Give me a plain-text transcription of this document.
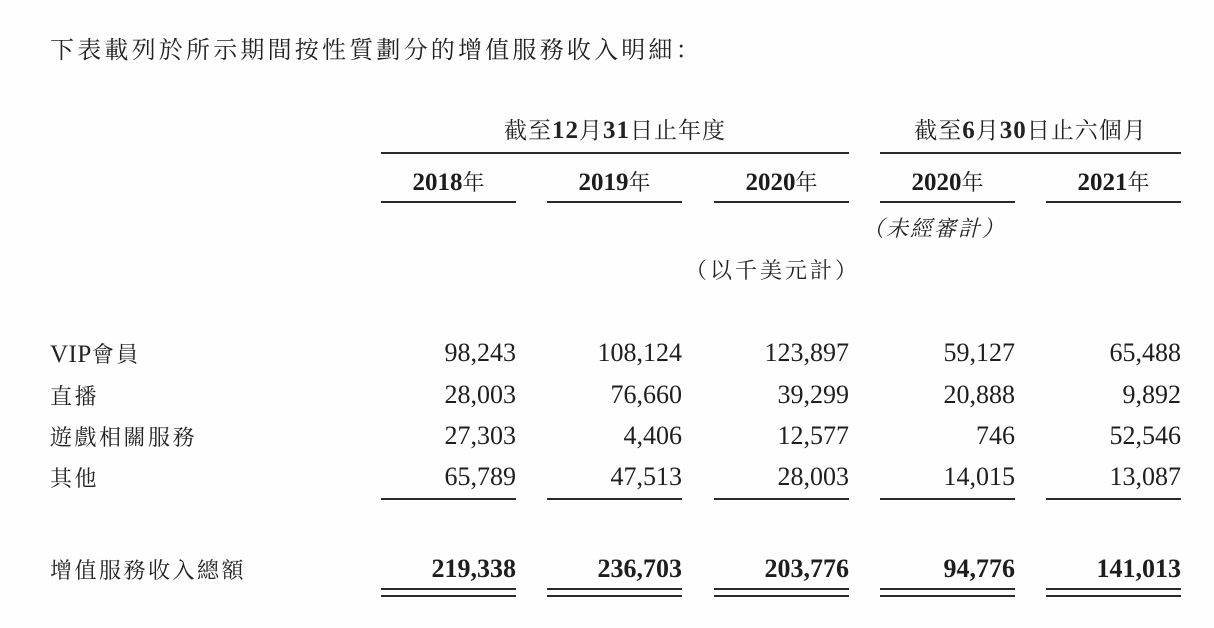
下表載列於所示期間按性質劃分的增值服務收入明細：
截至12月31日止年度	截至6月30日止六個月
2018年	2019年	2020年	2020年	2021年
（未經審計）
（以千美元計）
VIP會員	98,243	108,124	123,897	59,127	65,488
直播	28,003	76,660	39,299	20,888	9,892
遊戲相關服務	27,303	4,406	12,577	746	52,546
其他	65,789	47,513	28,003	14,015	13,087
增值服務收入總額	219,338	236,703	203,776	94,776	141,013
